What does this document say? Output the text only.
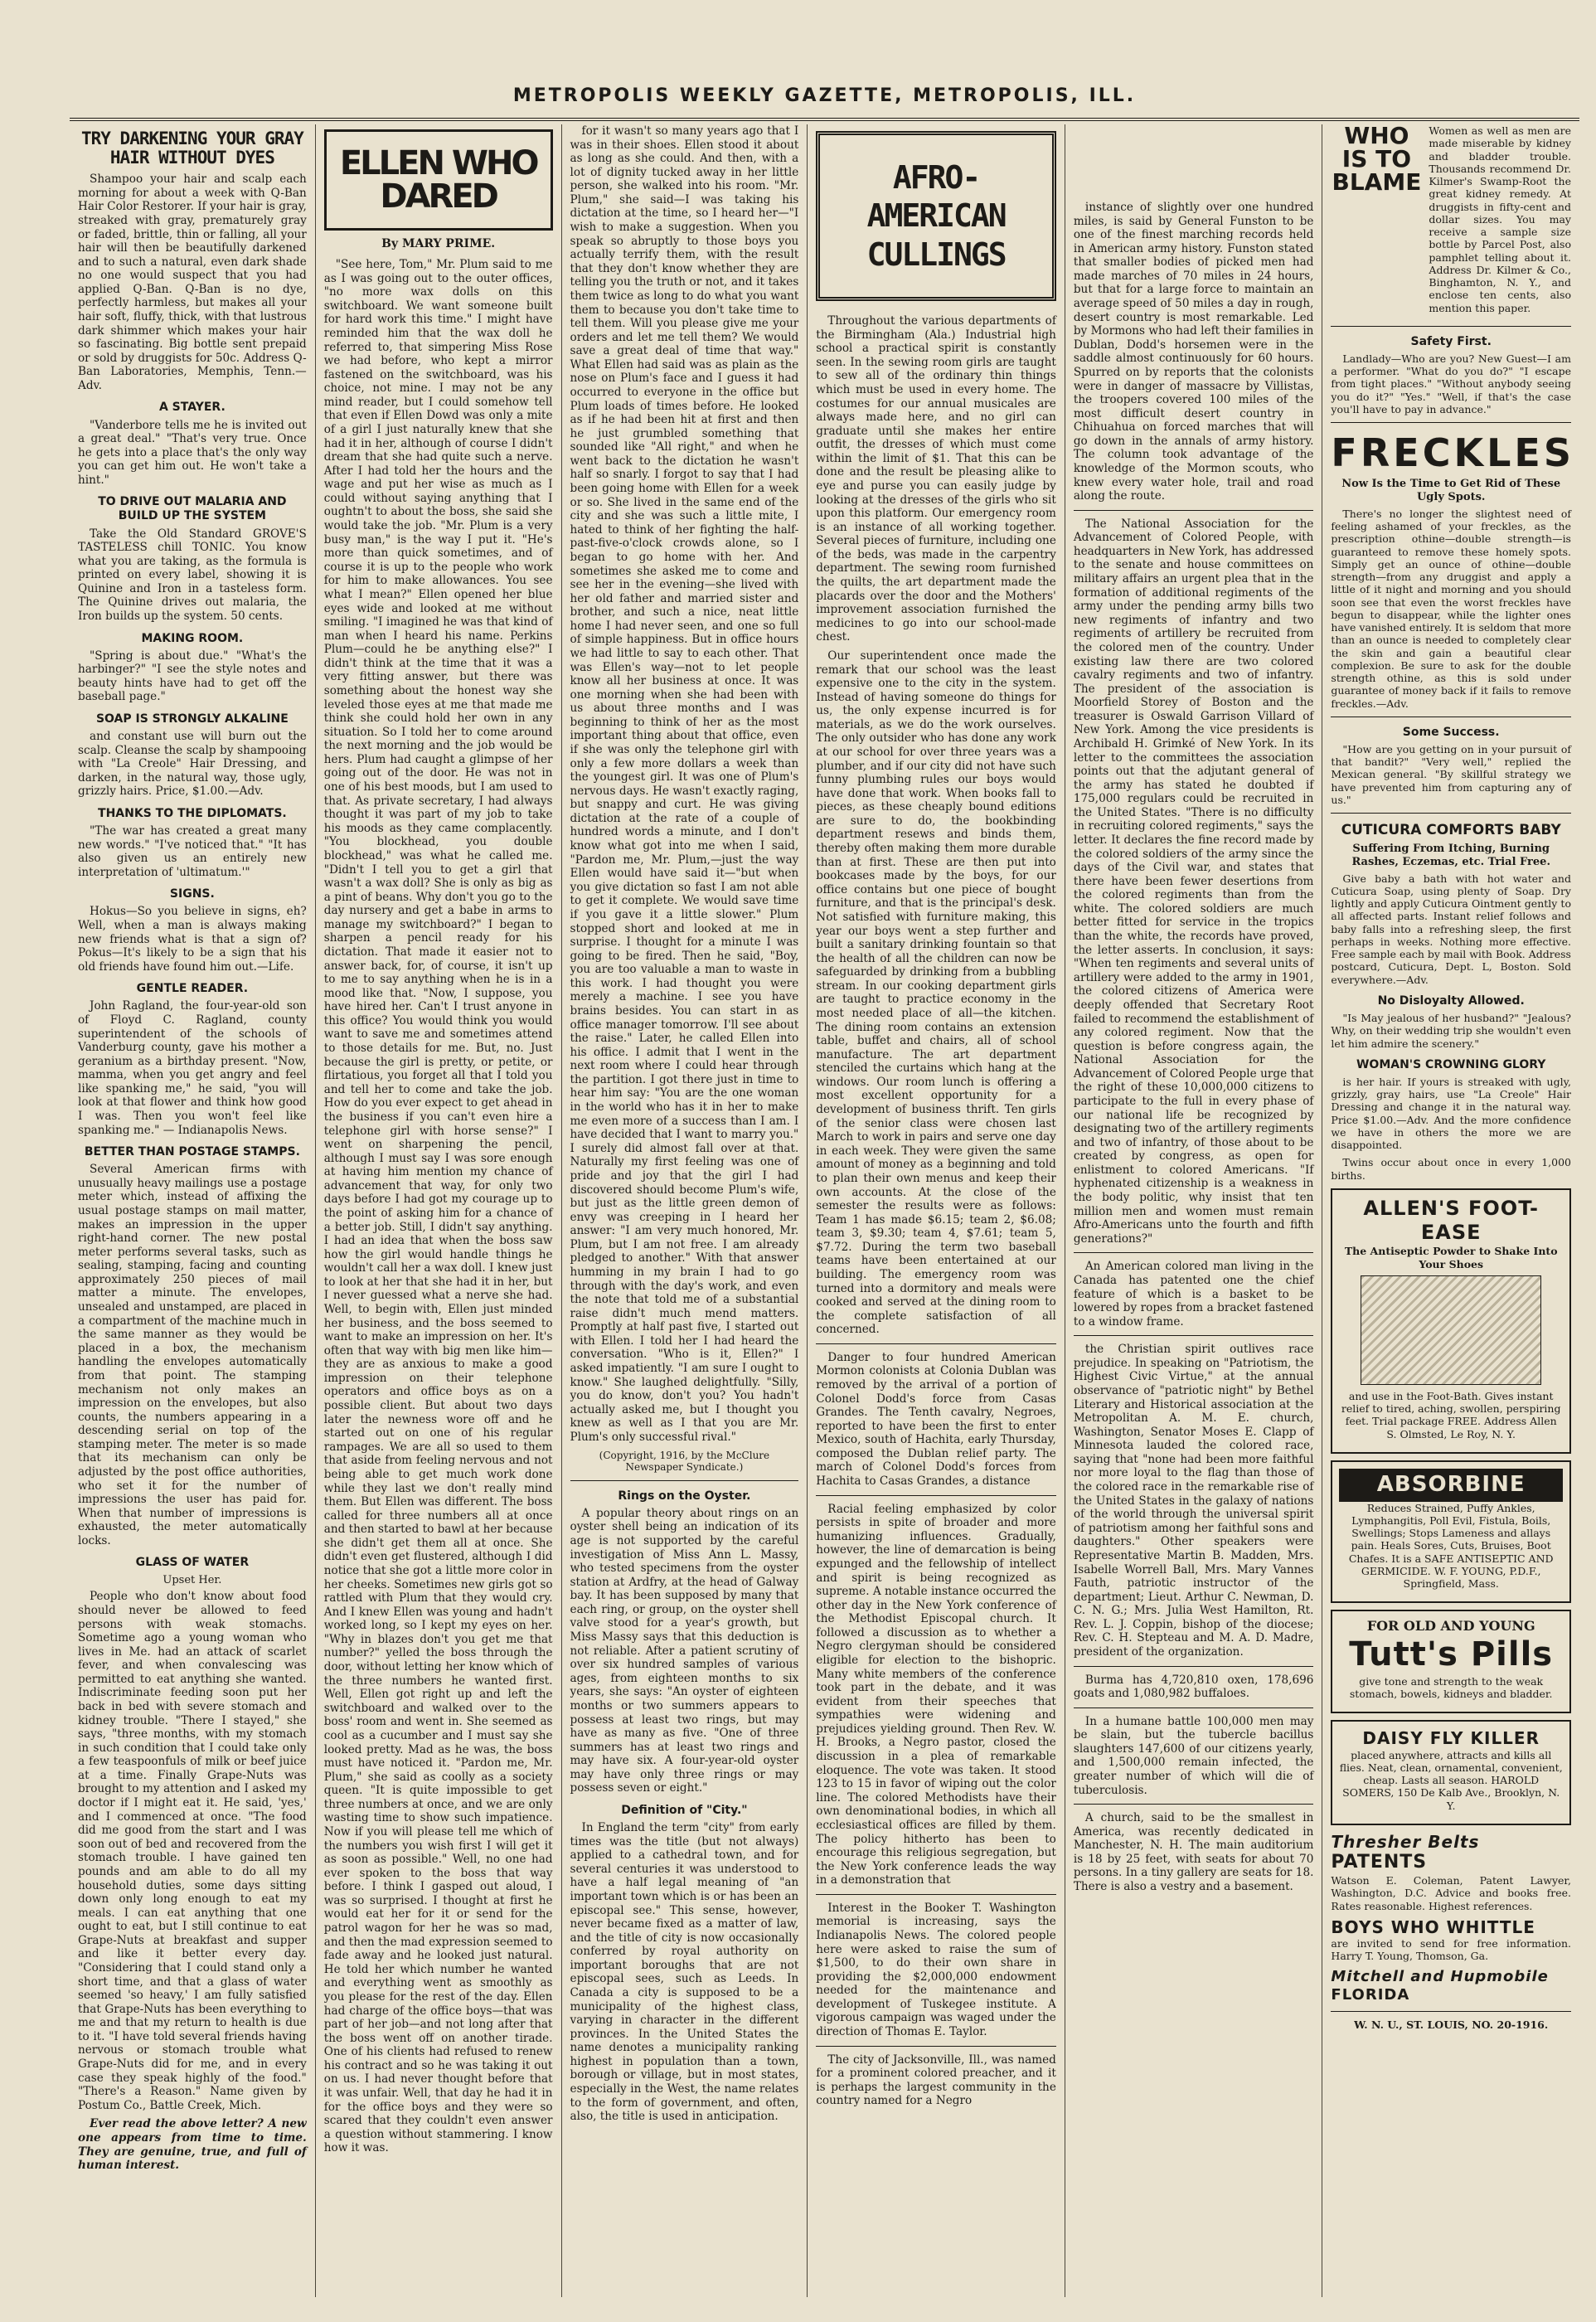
METROPOLIS WEEKLY GAZETTE, METROPOLIS, ILL.
TRY DARKENING YOUR GRAY HAIR WITHOUT DYES

Shampoo your hair and scalp each morning for about a week with Q-Ban Hair Color Restorer. If your hair is gray, streaked with gray, prematurely gray or faded, brittle, thin or falling, all your hair will then be beautifully darkened and to such a natural, even dark shade no one would suspect that you had applied Q-Ban. Q-Ban is no dye, perfectly harmless, but makes all your hair soft, fluffy, thick, with that lustrous dark shimmer which makes your hair so fascinating. Big bottle sent prepaid or sold by druggists for 50c. Address Q-Ban Laboratories, Memphis, Tenn.—Adv.

A STAYER.

"Vanderbore tells me he is invited out a great deal." "That's very true. Once he gets into a place that's the only way you can get him out. He won't take a hint."

TO DRIVE OUT MALARIA AND BUILD UP THE SYSTEM

Take the Old Standard GROVE'S TASTELESS chill TONIC. You know what you are taking, as the formula is printed on every label, showing it is Quinine and Iron in a tasteless form. The Quinine drives out malaria, the Iron builds up the system. 50 cents.

MAKING ROOM.

"Spring is about due." "What's the harbinger?" "I see the style notes and beauty hints have had to get off the baseball page."

SOAP IS STRONGLY ALKALINE

and constant use will burn out the scalp. Cleanse the scalp by shampooing with "La Creole" Hair Dressing, and darken, in the natural way, those ugly, grizzly hairs. Price, $1.00.—Adv.

THANKS TO THE DIPLOMATS.

"The war has created a great many new words." "I've noticed that." "It has also given us an entirely new interpretation of 'ultimatum.'"

SIGNS.

Hokus—So you believe in signs, eh? Well, when a man is always making new friends what is that a sign of? Pokus—It's likely to be a sign that his old friends have found him out.—Life.

GENTLE READER.

John Ragland, the four-year-old son of Floyd C. Ragland, county superintendent of the schools of Vanderburg county, gave his mother a geranium as a birthday present. "Now, mamma, when you get angry and feel like spanking me," he said, "you will look at that flower and think how good I was. Then you won't feel like spanking me." — Indianapolis News.

BETTER THAN POSTAGE STAMPS.

Several American firms with unusually heavy mailings use a postage meter which, instead of affixing the usual postage stamps on mail matter, makes an impression in the upper right-hand corner. The new postal meter performs several tasks, such as sealing, stamping, facing and counting approximately 250 pieces of mail matter a minute. The envelopes, unsealed and unstamped, are placed in a compartment of the machine much in the same manner as they would be placed in a box, the mechanism handling the envelopes automatically from that point. The stamping mechanism not only makes an impression on the envelopes, but also counts, the numbers appearing in a descending serial on top of the stamping meter. The meter is so made that its mechanism can only be adjusted by the post office authorities, who set it for the number of impressions the user has paid for. When that number of impressions is exhausted, the meter automatically locks.

GLASS OF WATER
Upset Her.

People who don't know about food should never be allowed to feed persons with weak stomachs. Sometime ago a young woman who lives in Me. had an attack of scarlet fever, and when convalescing was permitted to eat anything she wanted. Indiscriminate feeding soon put her back in bed with severe stomach and kidney trouble. "There I stayed," she says, "three months, with my stomach in such condition that I could take only a few teaspoonfuls of milk or beef juice at a time. Finally Grape-Nuts was brought to my attention and I asked my doctor if I might eat it. He said, 'yes,' and I commenced at once. "The food did me good from the start and I was soon out of bed and recovered from the stomach trouble. I have gained ten pounds and am able to do all my household duties, some days sitting down only long enough to eat my meals. I can eat anything that one ought to eat, but I still continue to eat Grape-Nuts at breakfast and supper and like it better every day. "Considering that I could stand only a short time, and that a glass of water seemed 'so heavy,' I am fully satisfied that Grape-Nuts has been everything to me and that my return to health is due to it. "I have told several friends having nervous or stomach trouble what Grape-Nuts did for me, and in every case they speak highly of the food." "There's a Reason." Name given by Postum Co., Battle Creek, Mich.

Ever read the above letter? A new one appears from time to time. They are genuine, true, and full of human interest.

ELLEN WHO DARED
By MARY PRIME.

"See here, Tom," Mr. Plum said to me as I was going out to the outer offices, "no more wax dolls on this switchboard. We want someone built for hard work this time." I might have reminded him that the wax doll he referred to, that simpering Miss Rose we had before, who kept a mirror fastened on the switchboard, was his choice, not mine. I may not be any mind reader, but I could somehow tell that even if Ellen Dowd was only a mite of a girl I just naturally knew that she had it in her, although of course I didn't dream that she had quite such a nerve. After I had told her the hours and the wage and put her wise as much as I could without saying anything that I oughtn't to about the boss, she said she would take the job. "Mr. Plum is a very busy man," is the way I put it. "He's more than quick sometimes, and of course it is up to the people who work for him to make allowances. You see what I mean?" Ellen opened her blue eyes wide and looked at me without smiling. "I imagined he was that kind of man when I heard his name. Perkins Plum—could he be anything else?" I didn't think at the time that it was a very fitting answer, but there was something about the honest way she leveled those eyes at me that made me think she could hold her own in any situation. So I told her to come around the next morning and the job would be hers. Plum had caught a glimpse of her going out of the door. He was not in one of his best moods, but I am used to that. As private secretary, I had always thought it was part of my job to take his moods as they came complacently. "You blockhead, you double blockhead," was what he called me. "Didn't I tell you to get a girl that wasn't a wax doll? She is only as big as a pint of beans. Why don't you go to the day nursery and get a babe in arms to manage my switchboard?" I began to sharpen a pencil ready for his dictation. That made it easier not to answer back, for, of course, it isn't up to me to say anything when he is in a mood like that. "Now, I suppose, you have hired her. Can't I trust anyone in this office? You would think you would want to save me and sometimes attend to those details for me. But, no. Just because the girl is pretty, or petite, or flirtatious, you forget all that I told you and tell her to come and take the job. How do you ever expect to get ahead in the business if you can't even hire a telephone girl with horse sense?" I went on sharpening the pencil, although I must say I was sore enough at having him mention my chance of advancement that way, for only two days before I had got my courage up to the point of asking him for a chance of a better job. Still, I didn't say anything. I had an idea that when the boss saw how the girl would handle things he wouldn't call her a wax doll. I knew just to look at her that she had it in her, but I never guessed what a nerve she had. Well, to begin with, Ellen just minded her business, and the boss seemed to want to make an impression on her. It's often that way with big men like him—they are as anxious to make a good impression on their telephone operators and office boys as on a possible client. But about two days later the newness wore off and he started out on one of his regular rampages. We are all so used to them that aside from feeling nervous and not being able to get much work done while they last we don't really mind them. But Ellen was different. The boss called for three numbers all at once and then started to bawl at her because she didn't get them all at once. She didn't even get flustered, although I did notice that she got a little more color in her cheeks. Sometimes new girls got so rattled with Plum that they would cry. And I knew Ellen was young and hadn't worked long, so I kept my eyes on her. "Why in blazes don't you get me that number?" yelled the boss through the door, without letting her know which of the three numbers he wanted first. Well, Ellen got right up and left the switchboard and walked over to the boss' room and went in. She seemed as cool as a cucumber and I must say she looked pretty. Mad as he was, the boss must have noticed it. "Pardon me, Mr. Plum," she said as coolly as a society queen. "It is quite impossible to get three numbers at once, and we are only wasting time to show such impatience. Now if you will please tell me which of the numbers you wish first I will get it as soon as possible." Well, no one had ever spoken to the boss that way before. I think I gasped out aloud, I was so surprised. I thought at first he would eat her for it or send for the patrol wagon for her he was so mad, and then the mad expression seemed to fade away and he looked just natural. He told her which number he wanted and everything went as smoothly as you please for the rest of the day. Ellen had charge of the office boys—that was part of her job—and not long after that the boss went off on another tirade. One of his clients had refused to renew his contract and so he was taking it out on us. I had never thought before that it was unfair. Well, that day he had it in for the office boys and they were so scared that they couldn't even answer a question without stammering. I know how it was.

for it wasn't so many years ago that I was in their shoes. Ellen stood it about as long as she could. And then, with a lot of dignity tucked away in her little person, she walked into his room. "Mr. Plum," she said—I was taking his dictation at the time, so I heard her—"I wish to make a suggestion. When you speak so abruptly to those boys you actually terrify them, with the result that they don't know whether they are telling you the truth or not, and it takes them twice as long to do what you want them to because you don't take time to tell them. Will you please give me your orders and let me tell them? We would save a great deal of time that way." What Ellen had said was as plain as the nose on Plum's face and I guess it had occurred to everyone in the office but Plum loads of times before. He looked as if he had been hit at first and then he just grumbled something that sounded like "All right," and when he went back to the dictation he wasn't half so snarly. I forgot to say that I had been going home with Ellen for a week or so. She lived in the same end of the city and she was such a little mite, I hated to think of her fighting the half-past-five-o'clock crowds alone, so I began to go home with her. And sometimes she asked me to come and see her in the evening—she lived with her old father and married sister and brother, and such a nice, neat little home I had never seen, and one so full of simple happiness. But in office hours we had little to say to each other. That was Ellen's way—not to let people know all her business at once. It was one morning when she had been with us about three months and I was beginning to think of her as the most important thing about that office, even if she was only the telephone girl with only a few more dollars a week than the youngest girl. It was one of Plum's nervous days. He wasn't exactly raging, but snappy and curt. He was giving dictation at the rate of a couple of hundred words a minute, and I don't know what got into me when I said, "Pardon me, Mr. Plum,—just the way Ellen would have said it—"but when you give dictation so fast I am not able to get it complete. We would save time if you gave it a little slower." Plum stopped short and looked at me in surprise. I thought for a minute I was going to be fired. Then he said, "Boy, you are too valuable a man to waste in this work. I had thought you were merely a machine. I see you have brains besides. You can start in as office manager tomorrow. I'll see about the raise." Later, he called Ellen into his office. I admit that I went in the next room where I could hear through the partition. I got there just in time to hear him say: "You are the one woman in the world who has it in her to make me even more of a success than I am. I have decided that I want to marry you." I surely did almost fall over at that. Naturally my first feeling was one of pride and joy that the girl I had discovered should become Plum's wife, but just as the little green demon of envy was creeping in I heard her answer: "I am very much honored, Mr. Plum, but I am not free. I am already pledged to another." With that answer humming in my brain I had to go through with the day's work, and even the note that told me of a substantial raise didn't much mend matters. Promptly at half past five, I started out with Ellen. I told her I had heard the conversation. "Who is it, Ellen?" I asked impatiently. "I am sure I ought to know." She laughed delightfully. "Silly, you do know, don't you? You hadn't actually asked me, but I thought you knew as well as I that you are Mr. Plum's only successful rival."

(Copyright, 1916, by the McClure Newspaper Syndicate.)

Rings on the Oyster.

A popular theory about rings on an oyster shell being an indication of its age is not supported by the careful investigation of Miss Ann L. Massy, who tested specimens from the oyster station at Ardfry, at the head of Galway bay. It has been supposed by many that each ring, or group, on the oyster shell valve stood for a year's growth, but Miss Massy says that this deduction is not reliable. After a patient scrutiny of over six hundred samples of various ages, from eighteen months to six years, she says: "An oyster of eighteen months or two summers appears to possess at least two rings, but may have as many as five. "One of three summers has at least two rings and may have six. A four-year-old oyster may have only three rings or may possess seven or eight."

Definition of "City."

In England the term "city" from early times was the title (but not always) applied to a cathedral town, and for several centuries it was understood to have a half legal meaning of "an important town which is or has been an episcopal see." This sense, however, never became fixed as a matter of law, and the title of city is now occasionally conferred by royal authority on important boroughs that are not episcopal sees, such as Leeds. In Canada a city is supposed to be a municipality of the highest class, varying in character in the different provinces. In the United States the name denotes a municipality ranking highest in population than a town, borough or village, but in most states, especially in the West, the name relates to the form of government, and often, also, the title is used in anticipation.

AFRO-AMERICAN CULLINGS

Throughout the various departments of the Birmingham (Ala.) Industrial high school a practical spirit is constantly seen. In the sewing room girls are taught to sew all of the ordinary thin things which must be used in every home. The costumes for our annual musicales are always made here, and no girl can graduate until she makes her entire outfit, the dresses of which must come within the limit of $1. That this can be done and the result be pleasing alike to eye and purse you can easily judge by looking at the dresses of the girls who sit upon this platform. Our emergency room is an instance of all working together. Several pieces of furniture, including one of the beds, was made in the carpentry department. The sewing room furnished the quilts, the art department made the placards over the door and the Mothers' improvement association furnished the medicines to go into our school-made chest.

Our superintendent once made the remark that our school was the least expensive one to the city in the system. Instead of having someone do things for us, the only expense incurred is for materials, as we do the work ourselves. The only outsider who has done any work at our school for over three years was a plumber, and if our city did not have such funny plumbing rules our boys would have done that work. When books fall to pieces, as these cheaply bound editions are sure to do, the bookbinding department resews and binds them, thereby often making them more durable than at first. These are then put into bookcases made by the boys, for our office contains but one piece of bought furniture, and that is the principal's desk. Not satisfied with furniture making, this year our boys went a step further and built a sanitary drinking fountain so that the health of all the children can now be safeguarded by drinking from a bubbling stream. In our cooking department girls are taught to practice economy in the most needed place of all—the kitchen. The dining room contains an extension table, buffet and chairs, all of school manufacture. The art department stenciled the curtains which hang at the windows. Our room lunch is offering a most excellent opportunity for a development of business thrift. Ten girls of the senior class were chosen last March to work in pairs and serve one day in each week. They were given the same amount of money as a beginning and told to plan their own menus and keep their own accounts. At the close of the semester the results were as follows: Team 1 has made $6.15; team 2, $6.08; team 3, $9.30; team 4, $7.61; team 5, $7.72. During the term two baseball teams have been entertained at our building. The emergency room was turned into a dormitory and meals were cooked and served at the dining room to the complete satisfaction of all concerned.

Danger to four hundred American Mormon colonists at Colonia Dublan was removed by the arrival of a portion of Colonel Dodd's force from Casas Grandes. The Tenth cavalry, Negroes, reported to have been the first to enter Mexico, south of Hachita, early Thursday, composed the Dublan relief party. The march of Colonel Dodd's forces from Hachita to Casas Grandes, a distance

Racial feeling emphasized by color persists in spite of broader and more humanizing influences. Gradually, however, the line of demarcation is being expunged and the fellowship of intellect and spirit is being recognized as supreme. A notable instance occurred the other day in the New York conference of the Methodist Episcopal church. It followed a discussion as to whether a Negro clergyman should be considered eligible for election to the bishopric. Many white members of the conference took part in the debate, and it was evident from their speeches that sympathies were widening and prejudices yielding ground. Then Rev. W. H. Brooks, a Negro pastor, closed the discussion in a plea of remarkable eloquence. The vote was taken. It stood 123 to 15 in favor of wiping out the color line. The colored Methodists have their own denominational bodies, in which all ecclesiastical offices are filled by them. The policy hitherto has been to encourage this religious segregation, but the New York conference leads the way in a demonstration that

Interest in the Booker T. Washington memorial is increasing, says the Indianapolis News. The colored people here were asked to raise the sum of $1,500, to do their own share in providing the $2,000,000 endowment needed for the maintenance and development of Tuskegee institute. A vigorous campaign was waged under the direction of Thomas E. Taylor.

The city of Jacksonville, Ill., was named for a prominent colored preacher, and it is perhaps the largest community in the country named for a Negro

instance of slightly over one hundred miles, is said by General Funston to be one of the finest marching records held in American army history. Funston stated that smaller bodies of picked men had made marches of 70 miles in 24 hours, but that for a large force to maintain an average speed of 50 miles a day in rough, desert country is most remarkable. Led by Mormons who had left their families in Dublan, Dodd's horsemen were in the saddle almost continuously for 60 hours. Spurred on by reports that the colonists were in danger of massacre by Villistas, the troopers covered 100 miles of the most difficult desert country in Chihuahua on forced marches that will go down in the annals of army history. The column took advantage of the knowledge of the Mormon scouts, who knew every water hole, trail and road along the route.

The National Association for the Advancement of Colored People, with headquarters in New York, has addressed to the senate and house committees on military affairs an urgent plea that in the formation of additional regiments of the army under the pending army bills two new regiments of infantry and two regiments of artillery be recruited from the colored men of the country. Under existing law there are two colored cavalry regiments and two of infantry. The president of the association is Moorfield Storey of Boston and the treasurer is Oswald Garrison Villard of New York. Among the vice presidents is Archibald H. Grimké of New York. In its letter to the committees the association points out that the adjutant general of the army has stated he doubted if 175,000 regulars could be recruited in the United States. "There is no difficulty in recruiting colored regiments," says the letter. It declares the fine record made by the colored soldiers of the army since the days of the Civil war, and states that there have been fewer desertions from the colored regiments than from the white. The colored soldiers are much better fitted for service in the tropics than the white, the records have proved, the letter asserts. In conclusion, it says: "When ten regiments and several units of artillery were added to the army in 1901, the colored citizens of America were deeply offended that Secretary Root failed to recommend the establishment of any colored regiment. Now that the question is before congress again, the National Association for the Advancement of Colored People urge that the right of these 10,000,000 citizens to participate to the full in every phase of our national life be recognized by designating two of the artillery regiments and two of infantry, of those about to be created by congress, as open for enlistment to colored Americans. "If hyphenated citizenship is a weakness in the body politic, why insist that ten million men and women must remain Afro-Americans unto the fourth and fifth generations?"

An American colored man living in the Canada has patented one the chief feature of which is a basket to be lowered by ropes from a bracket fastened to a window frame.

the Christian spirit outlives race prejudice. In speaking on "Patriotism, the Highest Civic Virtue," at the annual observance of "patriotic night" by Bethel Literary and Historical association at the Metropolitan A. M. E. church, Washington, Senator Moses E. Clapp of Minnesota lauded the colored race, saying that "none had been more faithful nor more loyal to the flag than those of the colored race in the remarkable rise of the United States in the galaxy of nations of the world through the universal spirit of patriotism among her faithful sons and daughters." Other speakers were Representative Martin B. Madden, Mrs. Isabelle Worrell Ball, Mrs. Mary Vannes Fauth, patriotic instructor of the department; Lieut. Arthur C. Newman, D. C. N. G.; Mrs. Julia West Hamilton, Rt. Rev. L. J. Coppin, bishop of the diocese; Rev. C. H. Stepteau and M. A. D. Madre, president of the organization.

Burma has 4,720,810 oxen, 178,696 goats and 1,080,982 buffaloes.

In a humane battle 100,000 men may be slain, but the tubercle bacillus slaughters 147,600 of our citizens yearly, and 1,500,000 remain infected, the greater number of which will die of tuberculosis.

A church, said to be the smallest in America, was recently dedicated in Manchester, N. H. The main auditorium is 18 by 25 feet, with seats for about 70 persons. In a tiny gallery are seats for 18. There is also a vestry and a basement.

WHO IS TO BLAME

Women as well as men are made miserable by kidney and bladder trouble. Thousands recommend Dr. Kilmer's Swamp-Root the great kidney remedy. At druggists in fifty-cent and dollar sizes. You may receive a sample size bottle by Parcel Post, also pamphlet telling about it. Address Dr. Kilmer & Co., Binghamton, N. Y., and enclose ten cents, also mention this paper.

Safety First.

Landlady—Who are you? New Guest—I am a performer. "What do you do?" "I escape from tight places." "Without anybody seeing you do it?" "Yes." "Well, if that's the case you'll have to pay in advance."

FRECKLES
Now Is the Time to Get Rid of These Ugly Spots.

There's no longer the slightest need of feeling ashamed of your freckles, as the prescription othine—double strength—is guaranteed to remove these homely spots. Simply get an ounce of othine—double strength—from any druggist and apply a little of it night and morning and you should soon see that even the worst freckles have begun to disappear, while the lighter ones have vanished entirely. It is seldom that more than an ounce is needed to completely clear the skin and gain a beautiful clear complexion. Be sure to ask for the double strength othine, as this is sold under guarantee of money back if it fails to remove freckles.—Adv.

Some Success.

"How are you getting on in your pursuit of that bandit?" "Very well," replied the Mexican general. "By skillful strategy we have prevented him from capturing any of us."

CUTICURA COMFORTS BABY
Suffering From Itching, Burning Rashes, Eczemas, etc. Trial Free.

Give baby a bath with hot water and Cuticura Soap, using plenty of Soap. Dry lightly and apply Cuticura Ointment gently to all affected parts. Instant relief follows and baby falls into a refreshing sleep, the first perhaps in weeks. Nothing more effective. Free sample each by mail with Book. Address postcard, Cuticura, Dept. L, Boston. Sold everywhere.—Adv.

No Disloyalty Allowed.

"Is May jealous of her husband?" "Jealous? Why, on their wedding trip she wouldn't even let him admire the scenery."

WOMAN'S CROWNING GLORY

is her hair. If yours is streaked with ugly, grizzly, gray hairs, use "La Creole" Hair Dressing and change it in the natural way. Price $1.00.—Adv. And the more confidence we have in others the more we are disappointed.

Twins occur about once in every 1,000 births.

ALLEN'S FOOT-EASE
The Antiseptic Powder to Shake Into Your Shoes

and use in the Foot-Bath. Gives instant relief to tired, aching, swollen, perspiring feet. Trial package FREE. Address Allen S. Olmsted, Le Roy, N. Y.

ABSORBINE

Reduces Strained, Puffy Ankles, Lymphangitis, Poll Evil, Fistula, Boils, Swellings; Stops Lameness and allays pain. Heals Sores, Cuts, Bruises, Boot Chafes. It is a SAFE ANTISEPTIC AND GERMICIDE. W. F. YOUNG, P.D.F., Springfield, Mass.

FOR OLD AND YOUNG
Tutt's Pills

give tone and strength to the weak stomach, bowels, kidneys and bladder.

DAISY FLY KILLER

placed anywhere, attracts and kills all flies. Neat, clean, ornamental, convenient, cheap. Lasts all season. HAROLD SOMERS, 150 De Kalb Ave., Brooklyn, N. Y.

Thresher Belts
PATENTS

Watson E. Coleman, Patent Lawyer, Washington, D.C. Advice and books free. Rates reasonable. Highest references.

BOYS WHO WHITTLE

are invited to send for free information. Harry T. Young, Thomson, Ga.

Mitchell and Hupmobile
FLORIDA
W. N. U., ST. LOUIS, NO. 20-1916.
